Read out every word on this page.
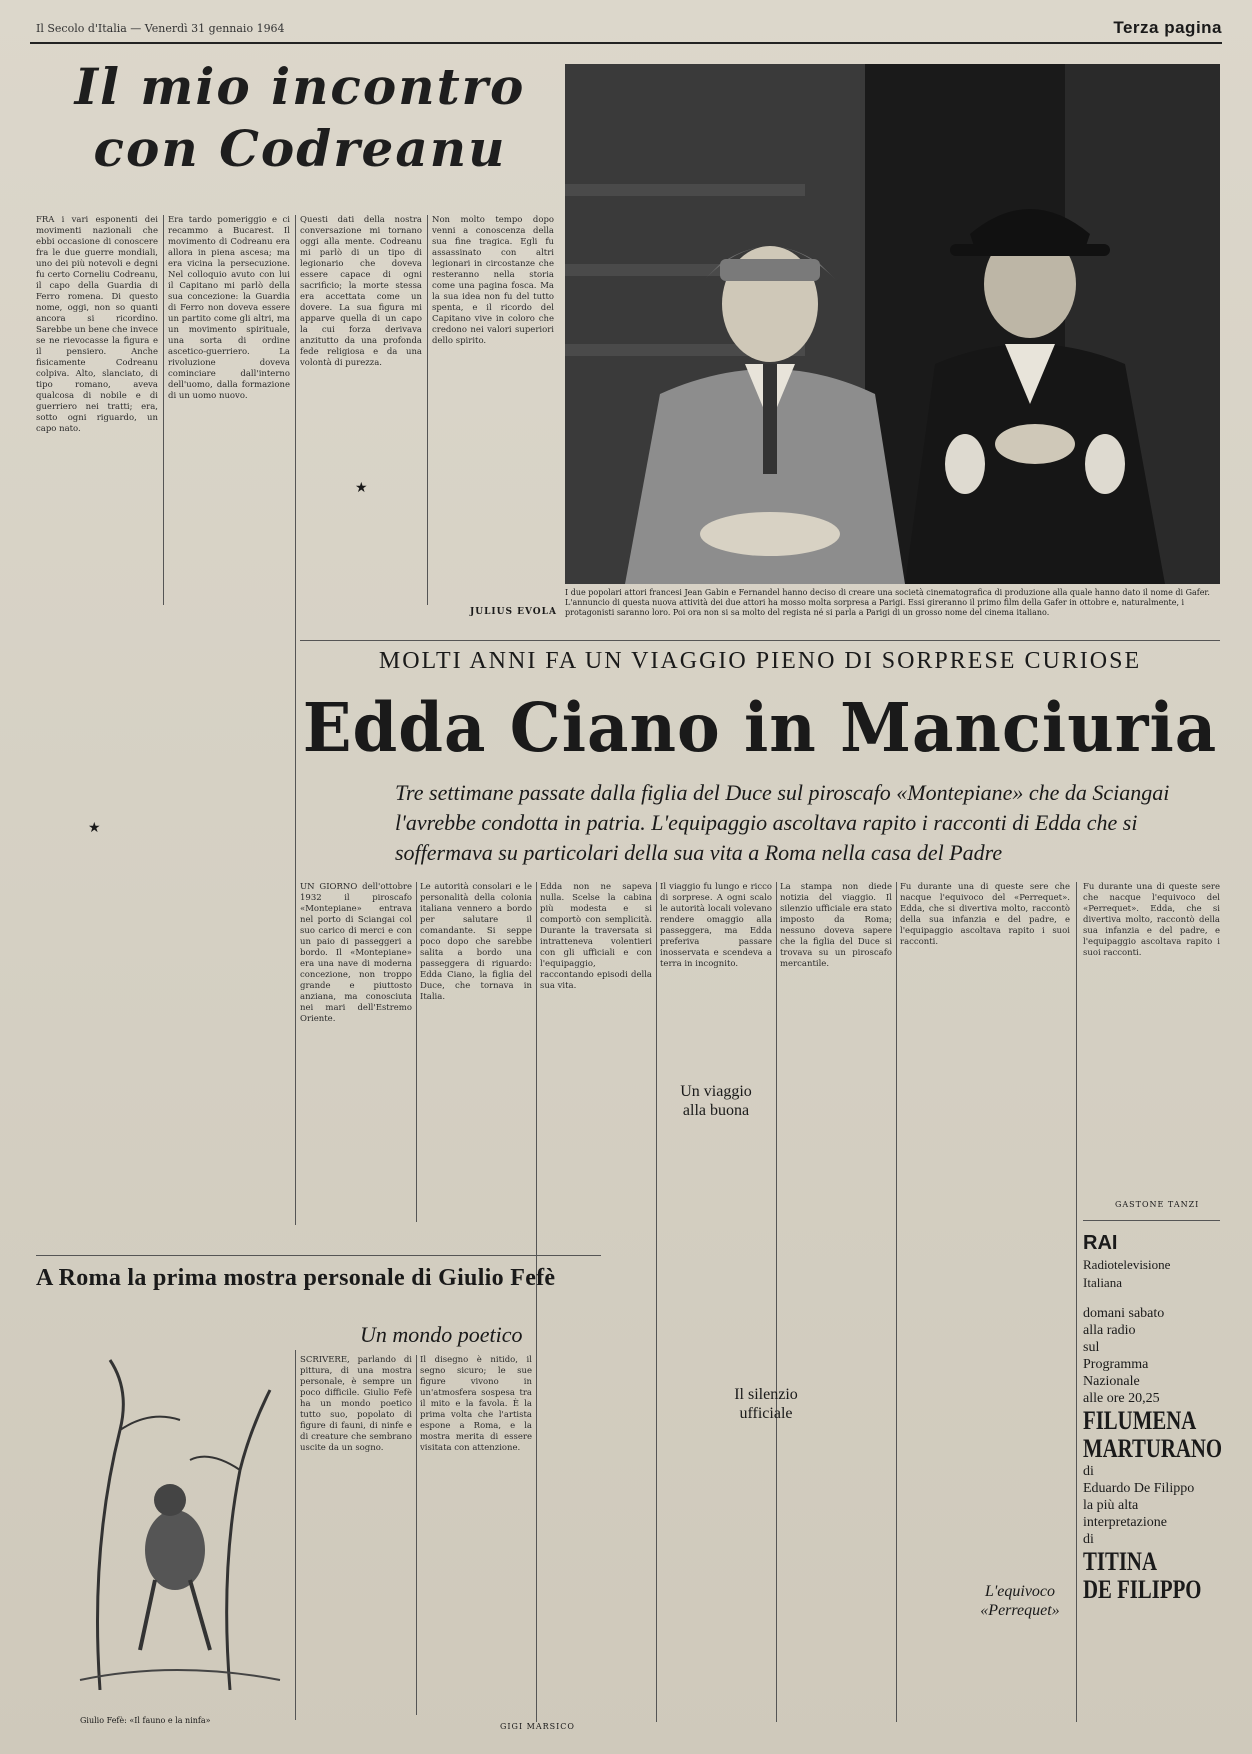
Il Secolo d'Italia — Venerdì 31 gennaio 1964	Terza pagina
Il mio incontro
con Codreanu

FRA i vari esponenti dei movimenti nazionali che ebbi occasione di conoscere fra le due guerre mondiali, uno dei più notevoli e degni fu certo Corneliu Codreanu, il capo della Guardia di Ferro romena. Di questo nome, oggi, non so quanti ancora si ricordino. Sarebbe un bene che invece se ne rievocasse la figura e il pensiero. Anche fisicamente Codreanu colpiva. Alto, slanciato, di tipo romano, aveva qualcosa di nobile e di guerriero nei tratti; era, sotto ogni riguardo, un capo nato.

Era tardo pomeriggio e ci recammo a Bucarest. Il movimento di Codreanu era allora in piena ascesa; ma era vicina la persecuzione. Nel colloquio avuto con lui il Capitano mi parlò della sua concezione: la Guardia di Ferro non doveva essere un partito come gli altri, ma un movimento spirituale, una sorta di ordine ascetico-guerriero. La rivoluzione doveva cominciare dall'interno dell'uomo, dalla formazione di un uomo nuovo.

Questi dati della nostra conversazione mi tornano oggi alla mente. Codreanu mi parlò di un tipo di legionario che doveva essere capace di ogni sacrificio; la morte stessa era accettata come un dovere. La sua figura mi apparve quella di un capo la cui forza derivava anzitutto da una profonda fede religiosa e da una volontà di purezza.

Non molto tempo dopo venni a conoscenza della sua fine tragica. Egli fu assassinato con altri legionari in circostanze che resteranno nella storia come una pagina fosca. Ma la sua idea non fu del tutto spenta, e il ricordo del Capitano vive in coloro che credono nei valori superiori dello spirito.

★
★
JULIUS EVOLA
I due popolari attori francesi Jean Gabin e Fernandel hanno deciso di creare una società cinematografica di produzione alla quale hanno dato il nome di Gafer. L'annuncio di questa nuova attività dei due attori ha mosso molta sorpresa a Parigi. Essi gireranno il primo film della Gafer in ottobre e, naturalmente, i protagonisti saranno loro. Poi ora non si sa molto del regista né si parla a Parigi di un grosso nome del cinema italiano.
MOLTI ANNI FA UN VIAGGIO PIENO DI SORPRESE CURIOSE
Edda Ciano in Manciuria
Tre settimane passate dalla figlia del Duce sul piroscafo «Montepiane» che da Sciangai l'avrebbe condotta in patria. L'equipaggio ascoltava rapito i racconti di Edda che si soffermava su particolari della sua vita a Roma nella casa del Padre

UN GIORNO dell'ottobre 1932 il piroscafo «Montepiane» entrava nel porto di Sciangai col suo carico di merci e con un paio di passeggeri a bordo. Il «Montepiane» era una nave di moderna concezione, non troppo grande e piuttosto anziana, ma conosciuta nei mari dell'Estremo Oriente.

Le autorità consolari e le personalità della colonia italiana vennero a bordo per salutare il comandante. Si seppe poco dopo che sarebbe salita a bordo una passeggera di riguardo: Edda Ciano, la figlia del Duce, che tornava in Italia.

Edda non ne sapeva nulla. Scelse la cabina più modesta e si comportò con semplicità. Durante la traversata si intratteneva volentieri con gli ufficiali e con l'equipaggio, raccontando episodi della sua vita.

Il viaggio fu lungo e ricco di sorprese. A ogni scalo le autorità locali volevano rendere omaggio alla passeggera, ma Edda preferiva passare inosservata e scendeva a terra in incognito.

La stampa non diede notizia del viaggio. Il silenzio ufficiale era stato imposto da Roma; nessuno doveva sapere che la figlia del Duce si trovava su un piroscafo mercantile.

Fu durante una di queste sere che nacque l'equivoco del «Perrequet». Edda, che si divertiva molto, raccontò della sua infanzia e del padre, e l'equipaggio ascoltava rapito i suoi racconti.

Fu durante una di queste sere che nacque l'equivoco del «Perrequet». Edda, che si divertiva molto, raccontò della sua infanzia e del padre, e l'equipaggio ascoltava rapito i suoi racconti.

Un viaggio alla buona
Il silenzio ufficiale
L'equivoco «Perrequet»
GASTONE TANZI
A Roma la prima mostra personale di Giulio Fefè
Un mondo poetico
Giulio Fefè: «Il fauno e la ninfa»

SCRIVERE, parlando di pittura, di una mostra personale, è sempre un poco difficile. Giulio Fefè ha un mondo poetico tutto suo, popolato di figure di fauni, di ninfe e di creature che sembrano uscite da un sogno.

Il disegno è nitido, il segno sicuro; le sue figure vivono in un'atmosfera sospesa tra il mito e la favola. È la prima volta che l'artista espone a Roma, e la mostra merita di essere visitata con attenzione.

GIGI MARSICO
RAI
Radiotelevisione
Italiana
domani sabato
alla radio
sul
Programma
Nazionale
alle ore 20,25
FILUMENA
MARTURANO
di
Eduardo De Filippo
la più alta
interpretazione
di
TITINA
DE FILIPPO
